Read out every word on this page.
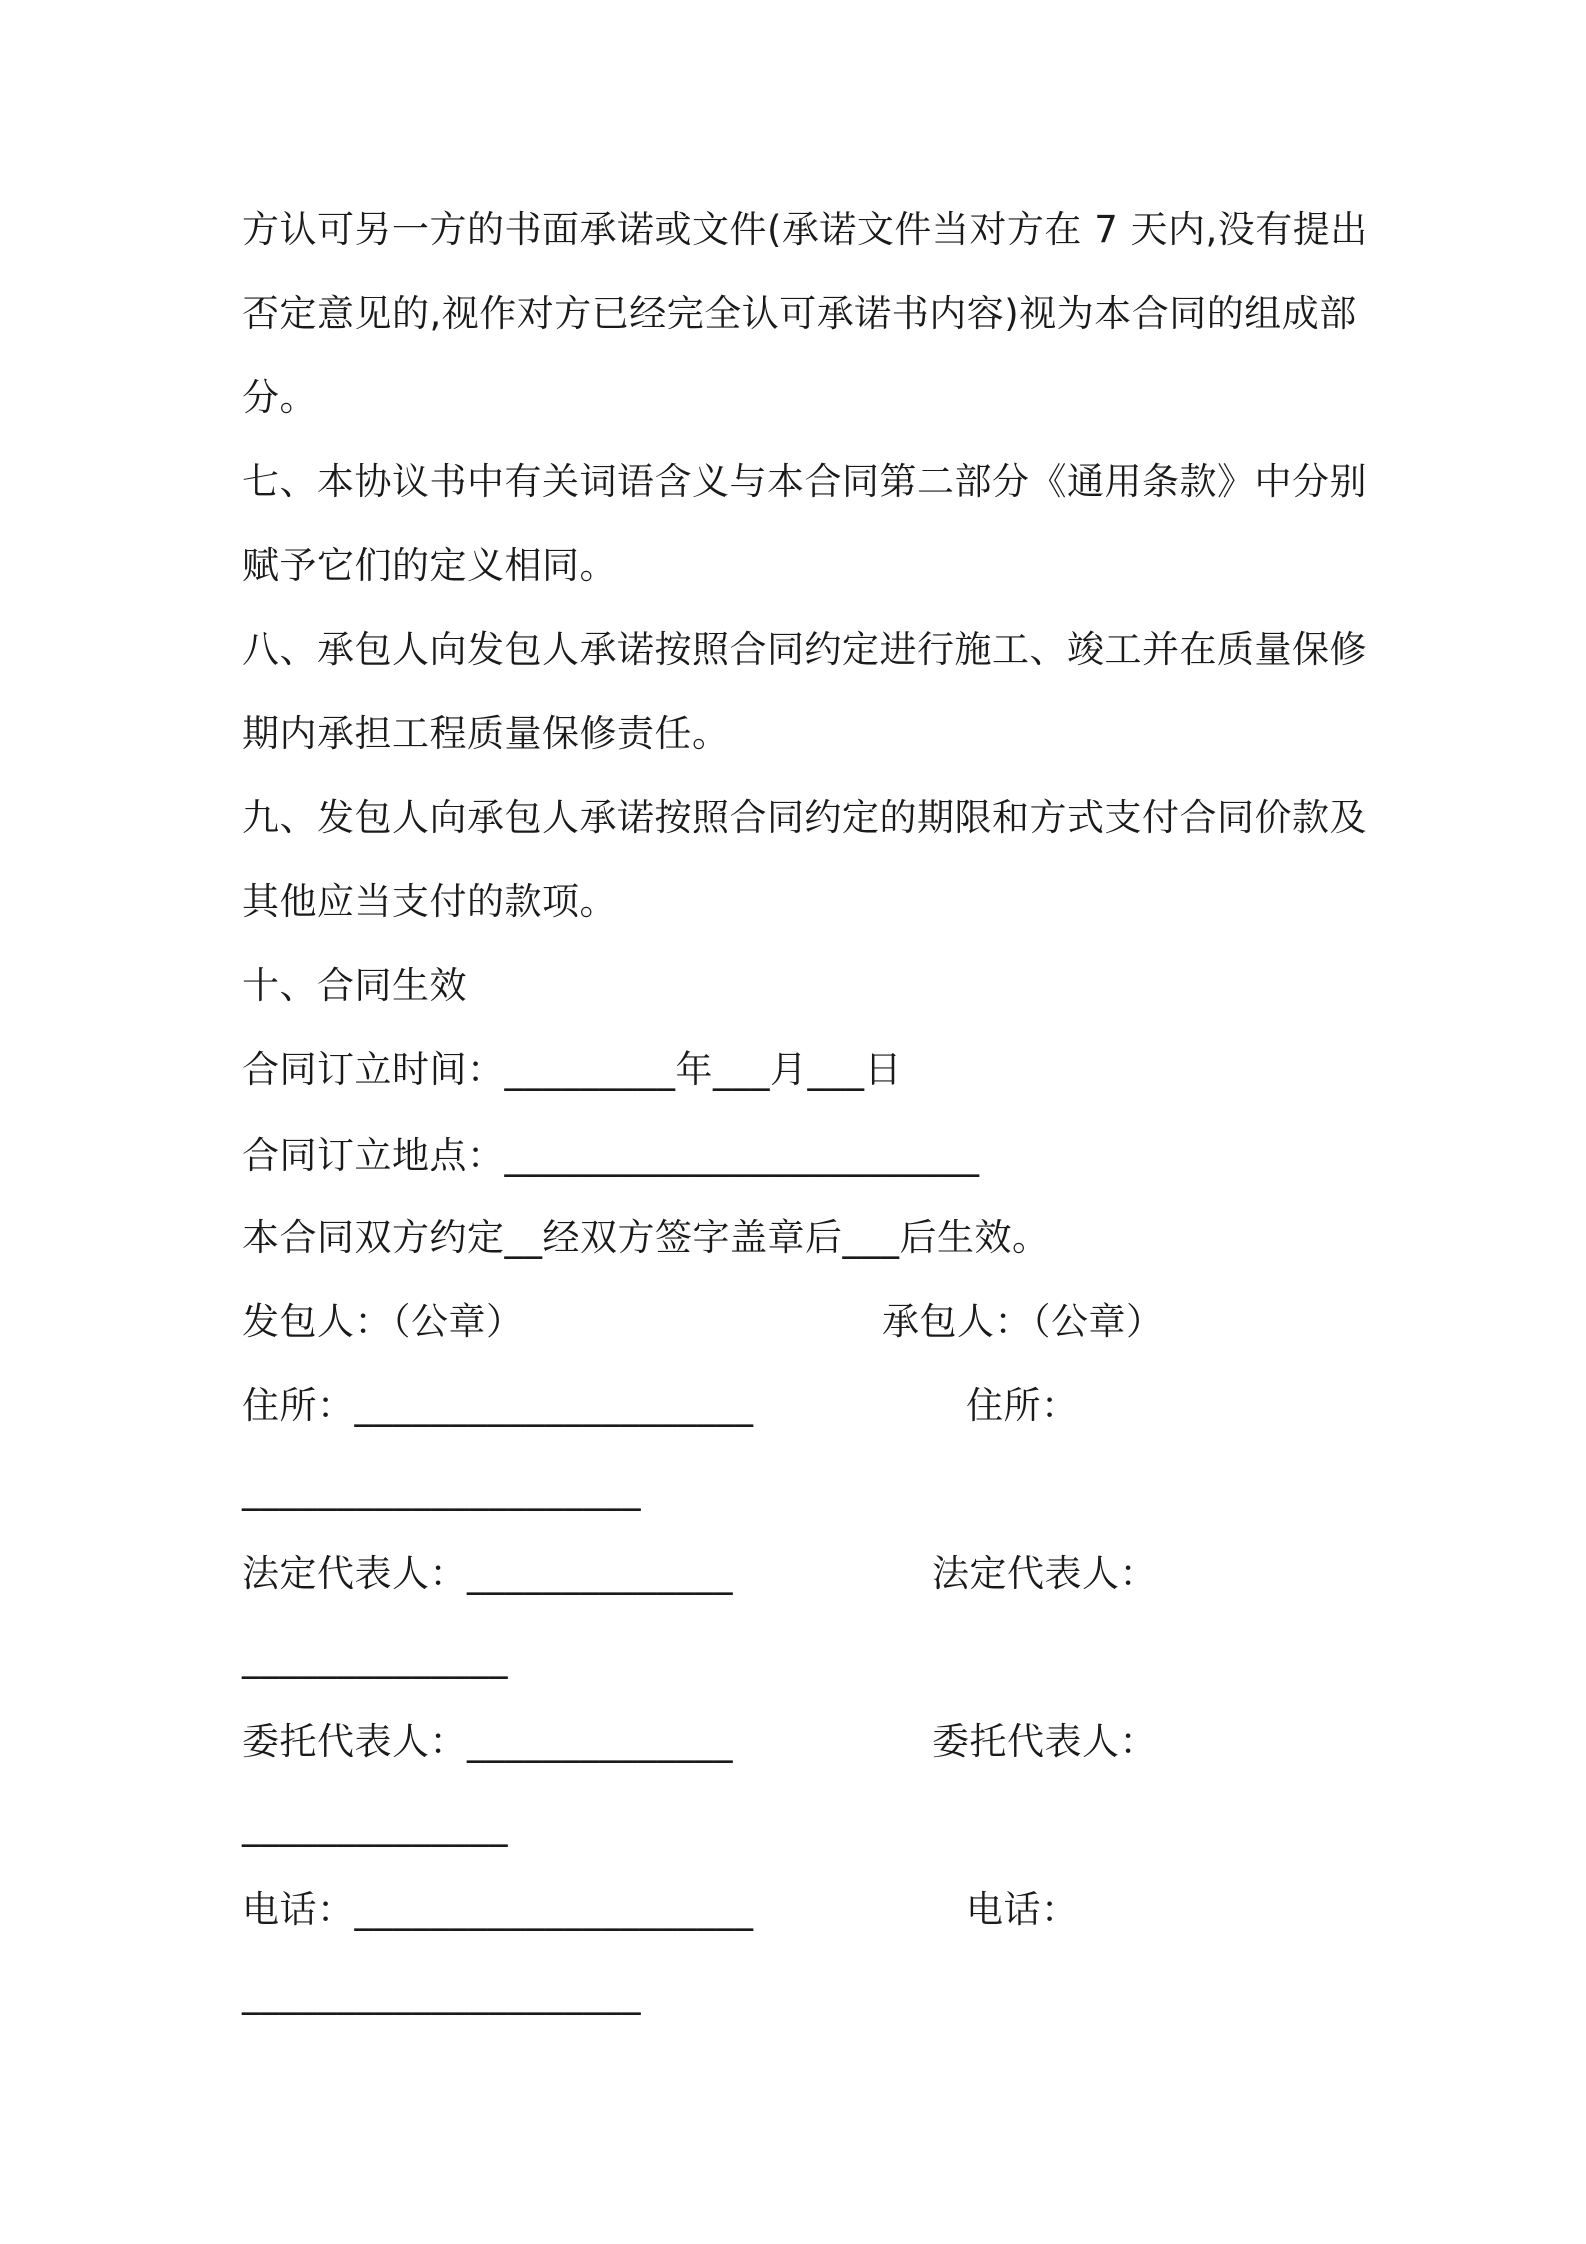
方认可另一方的书面承诺或文件(承诺文件当对方在 7 天内,没有提出
否定意见的,视作对方已经完全认可承诺书内容)视为本合同的组成部
分。
七、本协议书中有关词语含义与本合同第二部分《通用条款》中分别
赋予它们的定义相同。
八、承包人向发包人承诺按照合同约定进行施工、竣工并在质量保修
期内承担工程质量保修责任。
九、发包人向承包人承诺按照合同约定的期限和方式支付合同价款及
其他应当支付的款项。
十、合同生效
合同订立时间：_________年___月___日
合同订立地点：_________________________
本合同双方约定__经双方签字盖章后___后生效。
发包人：（公章）	承包人：（公章）
住所：_____________________	住所：
_____________________
法定代表人：______________	法定代表人：
______________
委托代表人：______________	委托代表人：
______________
电话：_____________________	电话：
_____________________
